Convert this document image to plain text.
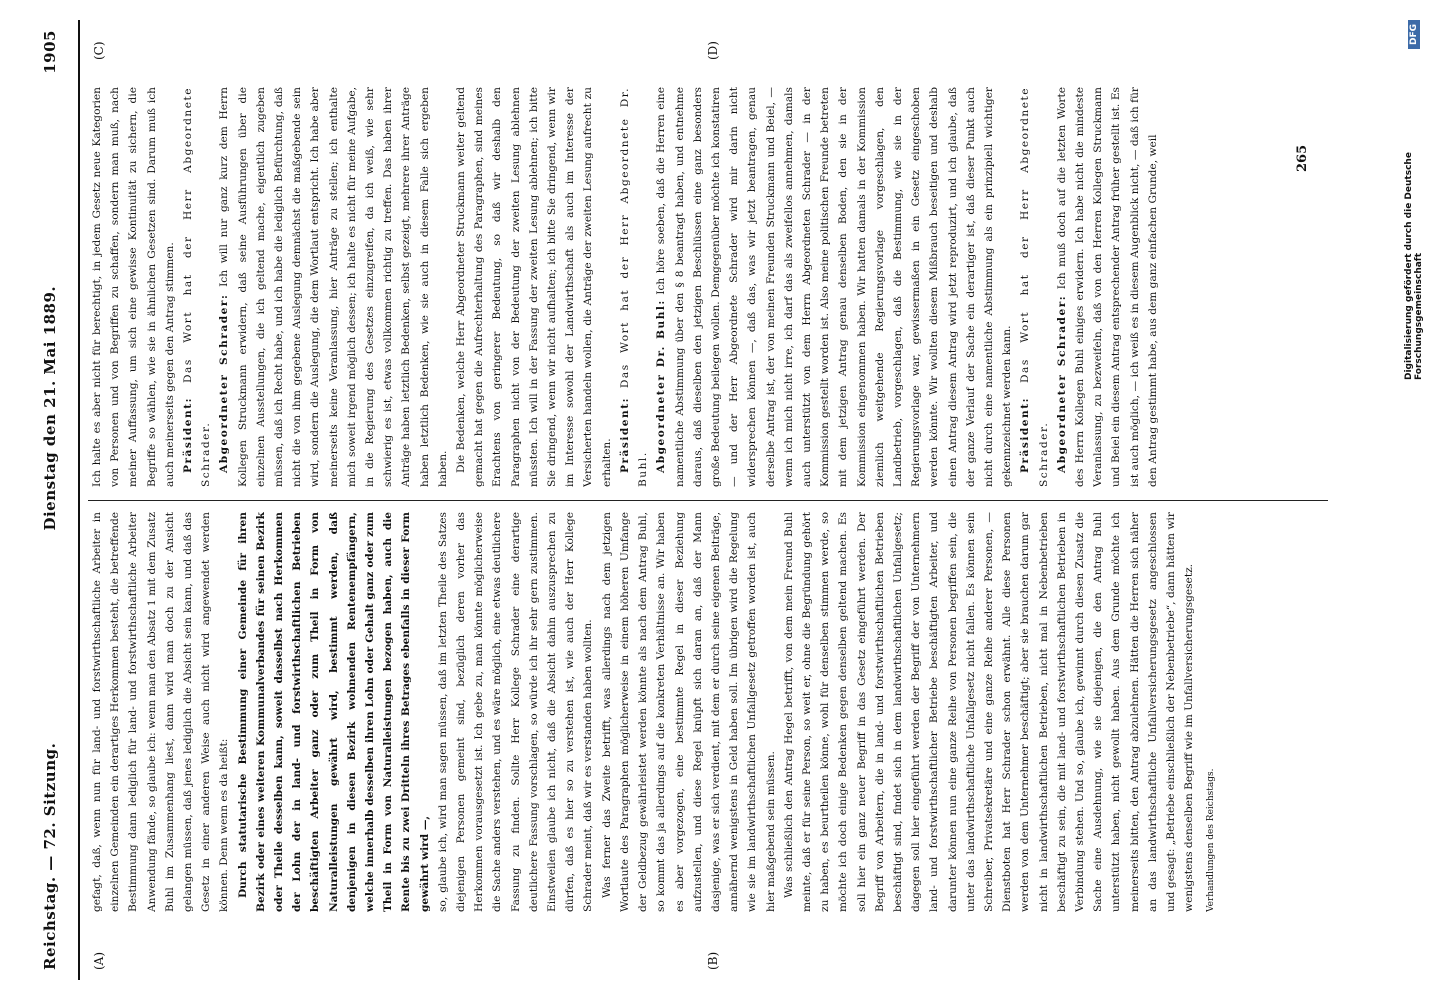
Reichstag. — 72. Sitzung.
Dienstag den 21. Mai 1889.
1905
(A)	(B)
(C)	(D)

gefagt, daß, wenn nun für land- und forstwirthschaftliche Arbeiter in einzelnen Gemeinden ein derartiges Herkommen besteht, die betreffende Bestimmung dann lediglich für land- und forstwirthschaftliche Arbeiter Anwendung fände, so glaube ich: wenn man den Absatz 1 mit dem Zusatz Buhl im Zusammenhang liest, dann wird man doch zu der Ansicht gelangen müssen, daß jenes lediglich die Absicht sein kann, und daß das Gesetz in einer anderen Weise auch nicht wird angewendet werden können. Denn wenn es da heißt: Durch statutarische Bestimmung einer Gemeinde für ihren Bezirk oder eines weiteren Kommunalverbandes für seinen Bezirk oder Theile desselben kann, soweit dasselbst nach Herkommen der Lohn der in land- und forstwirthschaftlichen Betrieben beschäftigten Arbeiter ganz oder zum Theil in Form von Naturalleistungen gewährt wird, bestimmt werden, daß denjenigen in diesen Bezirk wohnenden Rentenempfängern, welche innerhalb desselben ihren Lohn oder Gehalt ganz oder zum Theil in Form von Naturalleistungen bezogen haben, auch die Rente bis zu zwei Dritteln ihres Betrages ebenfalls in dieser Form gewährt wird —, so, glaube ich, wird man sagen müssen, daß im letzten Theile des Satzes diejenigen Personen gemeint sind, bezüglich deren vorher das Herkommen vorausgesetzt ist. Ich gebe zu, man könnte möglicherweise die Sache anders verstehen, und es wäre möglich, eine etwas deutlichere Fassung zu finden. Sollte Herr Kollege Schrader eine derartige deutlichere Fassung vorschlagen, so würde ich ihr sehr gern zustimmen. Einstweilen glaube ich nicht, daß die Absicht dahin auszusprechen zu dürfen, daß es hier so zu verstehen ist, wie auch der Herr Kollege Schrader meint, daß wir es verstanden haben wollten. Was ferner das Zweite betrifft, was allerdings nach dem jetzigen Wortlaute des Paragraphen möglicherweise in einem höheren Umfange der Geldbezug gewährleistet werden könnte als nach dem Antrag Buhl, so kommt das ja allerdings auf die konkreten Verhältnisse an. Wir haben es aber vorgezogen, eine bestimmte Regel in dieser Beziehung aufzustellen, und diese Regel knüpft sich daran an, daß der Mann dasjenige, was er sich verdient, mit dem er durch seine eigenen Beiträge, annähernd wenigstens in Geld haben soll. Im übrigen wird die Regelung wie sie im landwirthschaftlichen Unfallgesetz getroffen worden ist, auch hier maßgebend sein müssen. Was schließlich den Antrag Hegel betrifft, von dem mein Freund Buhl meinte, daß er für seine Person, so weit er, ohne die Begründung gehört zu haben, es beurtheilen könne, wohl für denselben stimmen werde, so möchte ich doch einige Bedenken gegen denselben geltend machen. Es soll hier ein ganz neuer Begriff in das Gesetz eingeführt werden. Der Begriff von Arbeitern, die in land- und forstwirthschaftlichen Betrieben beschäftigt sind, findet sich in dem landwirthschaftlichen Unfallgesetz; dagegen soll hier eingeführt werden der Begriff der von Unternehmern land- und forstwirthschaftlicher Betriebe beschäftigten Arbeiter, und darunter können nun eine ganze Reihe von Personen begriffen sein, die unter das landwirthschaftliche Unfallgesetz nicht fallen. Es können sein Schreiber, Privatsekretäre und eine ganze Reihe anderer Personen, — Dienstboten hat Herr Schrader schon erwähnt. Alle diese Personen werden von dem Unternehmer beschäftigt; aber sie brauchen darum gar nicht in landwirthschaftlichen Betrieben, nicht mal in Nebenbetrieben beschäftigt zu sein, die mit land- und forstwirthschaftlichen Betrieben in Verbindung stehen. Und so, glaube ich, gewinnt durch diesen Zusatz die Sache eine Ausdehnung, wie sie diejenigen, die den Antrag Buhl unterstützt haben, nicht gewollt haben. Aus dem Grunde möchte ich meinerseits bitten, den Antrag abzulehnen. Hätten die Herren sich näher an das landwirthschaftliche Unfallversicherungsgesetz angeschlossen und gesagt: „Betriebe einschließlich der Nebenbetriebe“, dann hätten wir wenigstens denselben Begriff wie im Unfallversicherungsgesetz.	Verhandlungen des Reichstags.

Ich halte es aber nicht für berechtigt, in jedem Gesetz neue Kategorien von Personen und von Begriffen zu schaffen, sondern man muß, nach meiner Auffassung, um sich eine gewisse Kontinuität zu sichern, die Begriffe so wählen, wie sie in ähnlichen Gesetzen sind. Darum muß ich auch meinerseits gegen den Antrag stimmen. Präsident: Das Wort hat der Herr Abgeordnete Schrader. Abgeordneter Schrader: Ich will nur ganz kurz dem Herrn Kollegen Struckmann erwidern, daß seine Ausführungen über die einzelnen Ausstellungen, die ich geltend mache, eigentlich zugeben müssen, daß ich Recht habe, und ich habe die lediglich Befürchtung, daß nicht die von ihm gegebene Auslegung demnächst die maßgebende sein wird, sondern die Auslegung, die dem Wortlaut entspricht. Ich habe aber meinerseits keine Veranlassung, hier Anträge zu stellen; ich enthalte mich soweit irgend möglich dessen; ich halte es nicht für meine Aufgabe, in die Regierung des Gesetzes einzugreifen, da ich weiß, wie sehr schwierig es ist, etwas vollkommen richtig zu treffen. Das haben ihrer Anträge haben letztlich Bedenken, selbst gezeigt, mehrere ihrer Anträge haben letztlich Bedenken, wie sie auch in diesem Falle sich ergeben haben. Die Bedenken, welche Herr Abgeordneter Struckmann weiter geltend gemacht hat gegen die Aufrechterhaltung des Paragraphen, sind meines Erachtens von geringerer Bedeutung, so daß wir deshalb den Paragraphen nicht von der Bedeutung der zweiten Lesung ablehnen müssten. Ich will in der Fassung der zweiten Lesung ablehnen; ich bitte Sie dringend, wenn wir nicht aufhalten; ich bitte Sie dringend, wenn wir im Interesse sowohl der Landwirthschaft als auch im Interesse der Versicherten handeln wollen, die Anträge der zweiten Lesung aufrecht zu erhalten. Präsident: Das Wort hat der Herr Abgeordnete Dr. Buhl. Abgeordneter Dr. Buhl: Ich höre soeben, daß die Herren eine namentliche Abstimmung über den § 8 beantragt haben, und entnehme daraus, daß dieselben den jetzigen Beschlüssen eine ganz besonders große Bedeutung beilegen wollen. Demgegenüber möchte ich konstatiren — und der Herr Abgeordnete Schrader wird mir darin nicht widersprechen können —, daß das, was wir jetzt beantragen, genau derselbe Antrag ist, der von meinen Freunden Struckmann und Beiel, — wenn ich mich nicht irre, ich darf das als zweifellos annehmen, damals auch unterstützt von dem Herrn Abgeordneten Schrader — in der Kommission gestellt worden ist. Also meine politischen Freunde betreten mit dem jetzigen Antrag genau denselben Boden, den sie in der Kommission eingenommen haben. Wir hatten damals in der Kommission ziemlich weitgehende Regierungsvorlage vorgeschlagen, den Landbetrieb, vorgeschlagen, daß die Bestimmung, wie sie in der Regierungsvorlage war, gewissermaßen in ein Gesetz eingeschoben werden könnte. Wir wollten diesem Mißbrauch beseitigen und deshalb einen Antrag diesem Antrag wird jetzt reproduzirt, und ich glaube, daß der ganze Verlauf der Sache ein derartiger ist, daß dieser Punkt auch nicht durch eine namentliche Abstimmung als ein prinzipiell wichtiger gekennzeichnet werden kann. Präsident: Das Wort hat der Herr Abgeordnete Schrader. Abgeordneter Schrader: Ich muß doch auf die letzten Worte des Herrn Kollegen Buhl einiges erwidern. Ich habe nicht die mindeste Veranlassung, zu bezweifeln, daß von den Herren Kollegen Struckmann und Beiel ein diesem Antrag entsprechender Antrag früher gestellt ist. Es ist auch möglich, — ich weiß es in diesem Augenblick nicht, — daß ich für den Antrag gestimmt habe, aus dem ganz einfachen Grunde, weil	265	Digitalisierung gefördert durch die Deutsche Forschungsgemeinschaft
DFG
